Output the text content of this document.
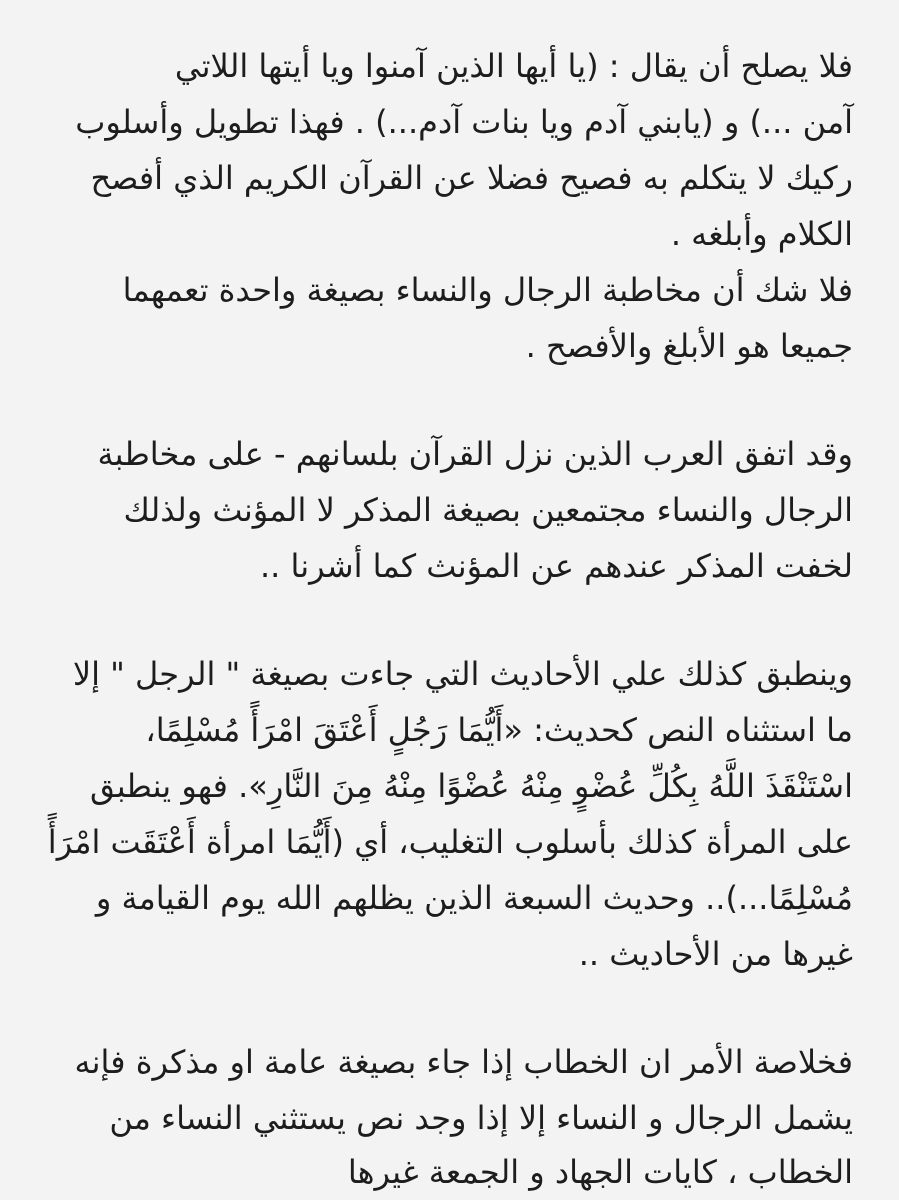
فلا يصلح أن يقال : (يا أيها الذين آمنوا ويا أيتها اللاتي
آمن ...) و (يابني آدم ويا بنات آدم...) . فهذا تطويل وأسلوب
ركيك لا يتكلم به فصيح فضلا عن القرآن الكريم الذي أفصح
الكلام وأبلغه .
فلا شك أن مخاطبة الرجال والنساء بصيغة واحدة تعمهما
جميعا هو الأبلغ والأفصح .
وقد اتفق العرب الذين نزل القرآن بلسانهم - على مخاطبة
الرجال والنساء مجتمعين بصيغة المذكر لا المؤنث ولذلك
لخفت المذكر عندهم عن المؤنث كما أشرنا ..
وينطبق كذلك علي الأحاديث التي جاءت بصيغة " الرجل " إلا
ما استثناه النص كحديث: «أَيُّمَا رَجُلٍ أَعْتَقَ امْرَأً مُسْلِمًا،
اسْتَنْقَذَ اللَّهُ بِكُلِّ عُضْوٍ مِنْهُ عُضْوًا مِنْهُ مِنَ النَّارِ». فهو ينطبق
على المرأة كذلك بأسلوب التغليب، أي (أَيُّمَا امرأة أَعْتَقَت امْرَأً
مُسْلِمًا...).. وحديث السبعة الذين يظلهم الله يوم القيامة و
غيرها من الأحاديث ..
فخلاصة الأمر ان الخطاب إذا جاء بصيغة عامة او مذكرة فإنه
يشمل الرجال و النساء إلا إذا وجد نص يستثني النساء من
الخطاب ، كايات الجهاد و الجمعة غيرها
